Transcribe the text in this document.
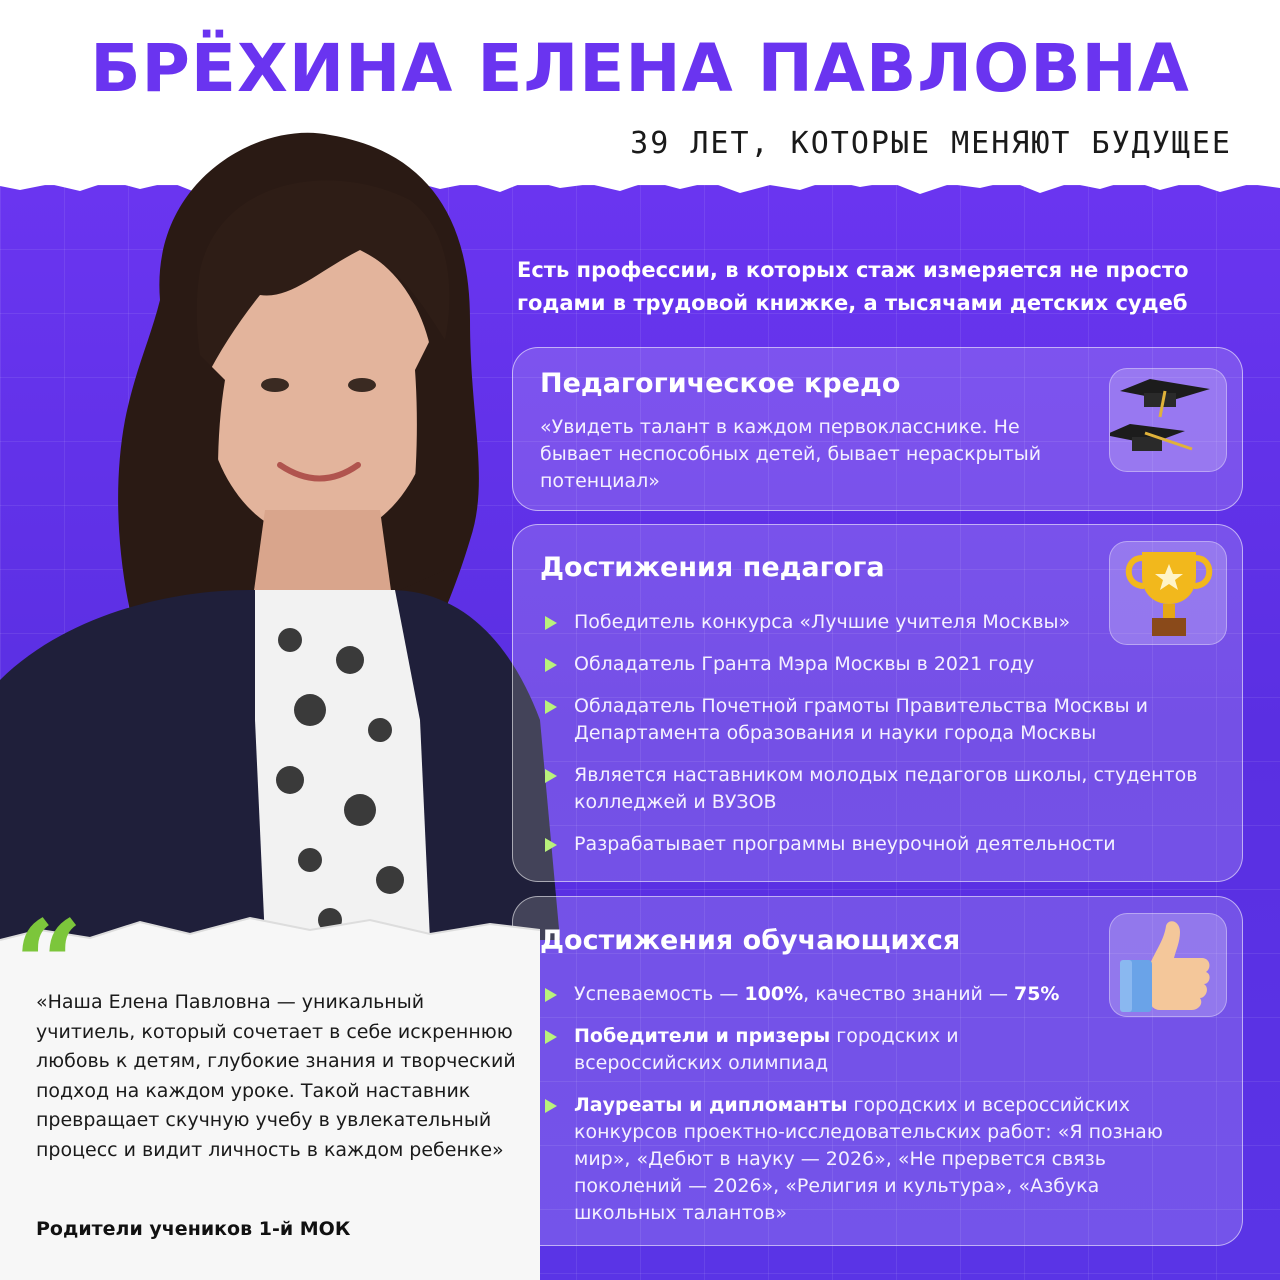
БРЁХИНА ЕЛЕНА ПАВЛОВНА
39 ЛЕТ, КОТОРЫЕ МЕНЯЮТ БУДУЩЕЕ
Есть профессии, в которых стаж измеряется не просто годами в трудовой книжке, а тысячами детских судеб
Педагогическое кредо
«Увидеть талант в каждом первокласснике. Не бывает неспособных детей, бывает нераскрытый потенциал»
Достижения педагога
Победитель конкурса «Лучшие учителя Москвы»
Обладатель Гранта Мэра Москвы в 2021 году
Обладатель Почетной грамоты Правительства Москвы и Департамента образования и науки города Москвы
Является наставником молодых педагогов школы, студентов колледжей и ВУЗОВ
Разрабатывает программы внеурочной деятельности
Достижения обучающихся
Успеваемость — 100%, качество знаний — 75%
Победители и призеры городских и всероссийских олимпиад
Лауреаты и дипломанты городских и всероссийских конкурсов проектно-исследовательских работ: «Я познаю мир», «Дебют в науку — 2026», «Не прервется связь поколений — 2026», «Религия и культура», «Азбука школьных талантов»
“
«Наша Елена Павловна — уникальный учитиель, который сочетает в себе искреннюю любовь к детям, глубокие знания и творческий подход на каждом уроке. Такой наставник превращает скучную учебу в увлекательный процесс и видит личность в каждом ребенке»
Родители учеников 1-й МОК
